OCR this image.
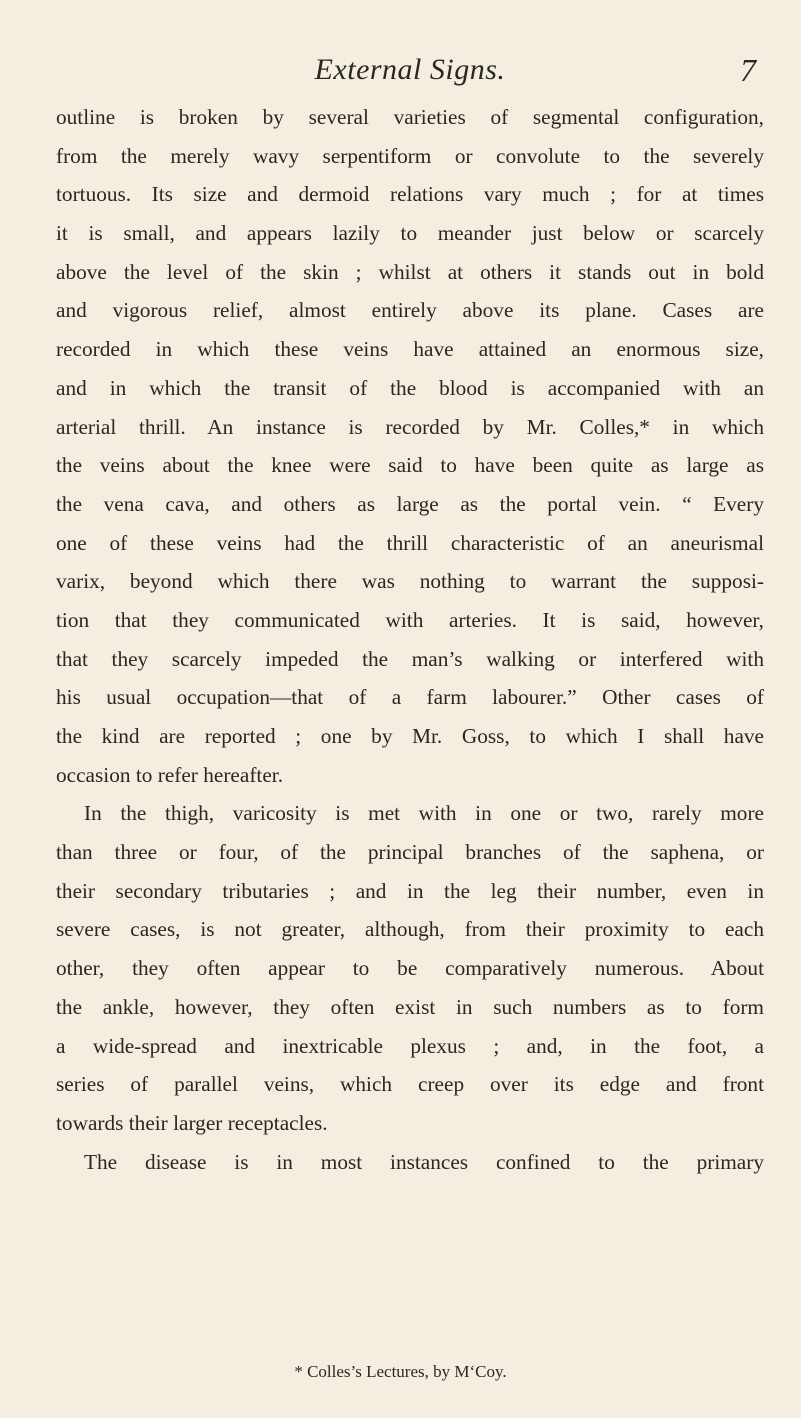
External Signs.	7
outline is broken by several varieties of segmental configuration,
from the merely wavy serpentiform or convolute to the severely
tortuous. Its size and dermoid relations vary much ; for at times
it is small, and appears lazily to meander just below or scarcely
above the level of the skin ; whilst at others it stands out in bold
and vigorous relief, almost entirely above its plane. Cases are
recorded in which these veins have attained an enormous size,
and in which the transit of the blood is accompanied with an
arterial thrill. An instance is recorded by Mr. Colles,* in which
the veins about the knee were said to have been quite as large as
the vena cava, and others as large as the portal vein. “ Every
one of these veins had the thrill characteristic of an aneurismal
varix, beyond which there was nothing to warrant the supposi-
tion that they communicated with arteries. It is said, however,
that they scarcely impeded the man’s walking or interfered with
his usual occupation—that of a farm labourer.” Other cases of
the kind are reported ; one by Mr. Goss, to which I shall have
occasion to refer hereafter.
In the thigh, varicosity is met with in one or two, rarely more
than three or four, of the principal branches of the saphena, or
their secondary tributaries ; and in the leg their number, even in
severe cases, is not greater, although, from their proximity to each
other, they often appear to be comparatively numerous. About
the ankle, however, they often exist in such numbers as to form
a wide-spread and inextricable plexus ; and, in the foot, a
series of parallel veins, which creep over its edge and front
towards their larger receptacles.
The disease is in most instances confined to the primary
* Colles’s Lectures, by M‘Coy.
